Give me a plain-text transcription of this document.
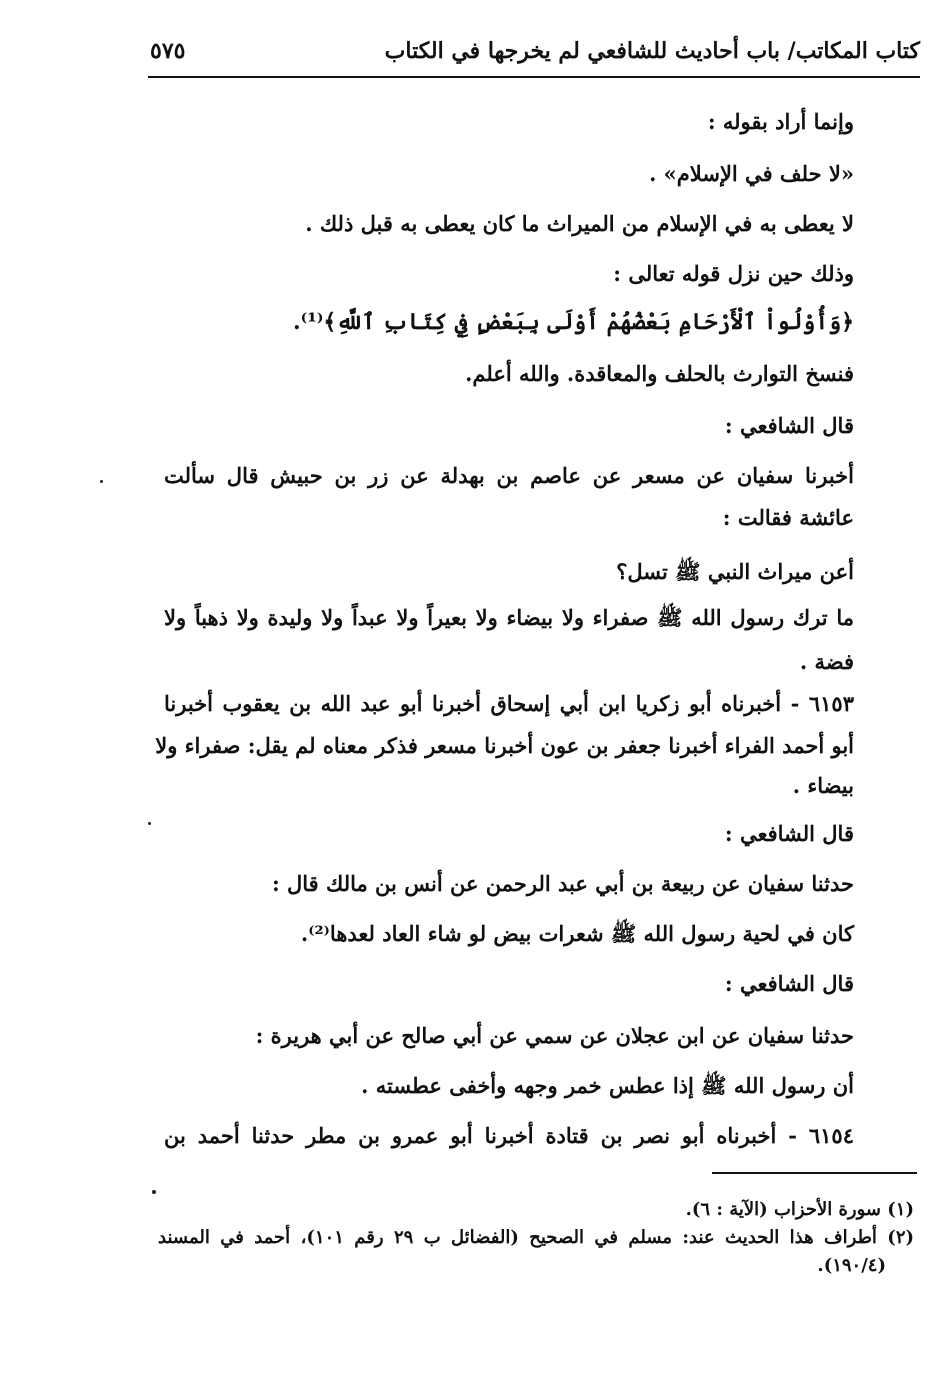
كتاب المكاتب/ باب أحاديث للشافعي لم يخرجها في الكتاب
٥٧٥
وإنما أراد بقوله :
«لا حلف في الإسلام» .
لا يعطى به في الإسلام من الميراث ما كان يعطى به قبل ذلك .
وذلك حين نزل قوله تعالى :
﴿وَأُوْلُواْ ٱلْأَرْحَامِ بَعْضُهُمْ أَوْلَى بِبَعْضٍ فِي كِتَابِ ٱللَّهِ﴾⁽¹⁾.
فنسخ التوارث بالحلف والمعاقدة. والله أعلم.
قال الشافعي :
أخبرنا سفيان عن مسعر عن عاصم بن بهدلة عن زر بن حبيش قال سألت
عائشة فقالت :
أعن ميراث النبي ﷺ تسل؟
ما ترك رسول الله ﷺ صفراء ولا بيضاء ولا بعيراً ولا عبداً ولا وليدة ولا ذهباً ولا
فضة .
٦١٥٣ - أخبرناه أبو زكريا ابن أبي إسحاق أخبرنا أبو عبد الله بن يعقوب أخبرنا
أبو أحمد الفراء أخبرنا جعفر بن عون أخبرنا مسعر فذكر معناه لم يقل: صفراء ولا
بيضاء .
قال الشافعي :
حدثنا سفيان عن ربيعة بن أبي عبد الرحمن عن أنس بن مالك قال :
كان في لحية رسول الله ﷺ شعرات بيض لو شاء العاد لعدها⁽²⁾.
قال الشافعي :
حدثنا سفيان عن ابن عجلان عن سمي عن أبي صالح عن أبي هريرة :
أن رسول الله ﷺ إذا عطس خمر وجهه وأخفى عطسته .
٦١٥٤ - أخبرناه أبو نصر بن قتادة أخبرنا أبو عمرو بن مطر حدثنا أحمد بن
(١) سورة الأحزاب (الآية : ٦).
(٢) أطراف هذا الحديث عند: مسلم في الصحيح (الفضائل ب ٢٩ رقم ١٠١)، أحمد في المسند
(١٩٠/٤).
